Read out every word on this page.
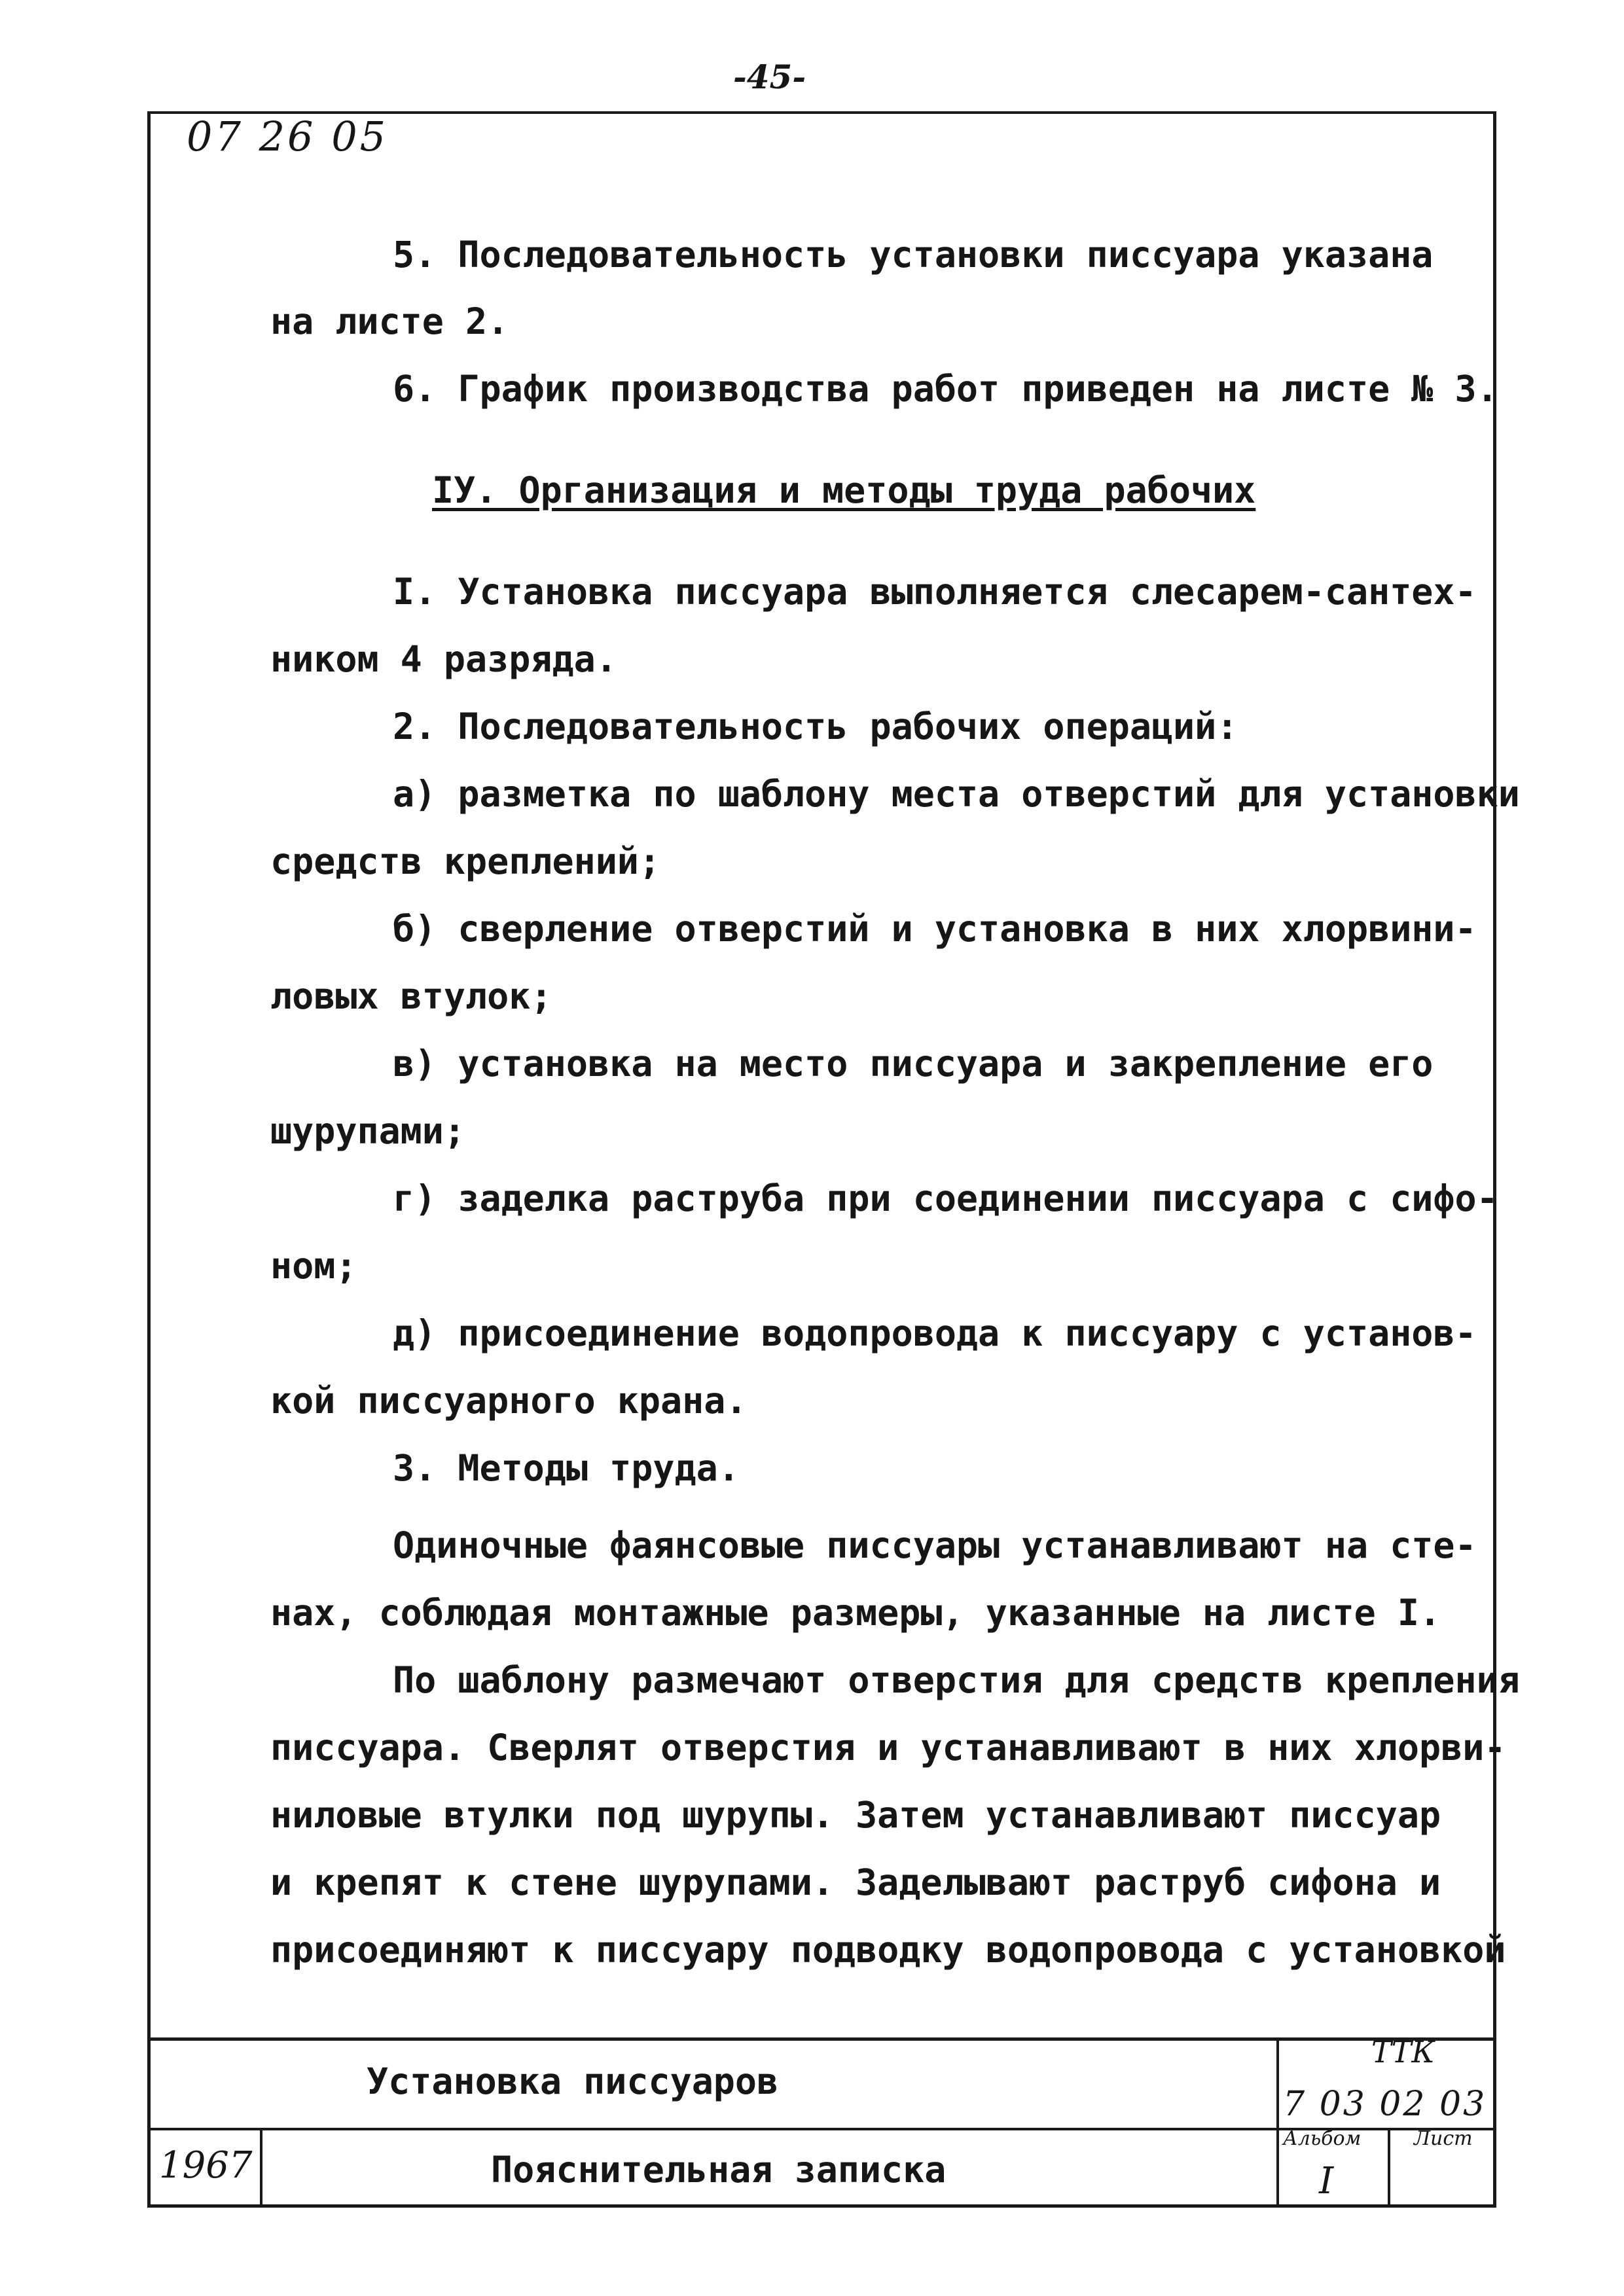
-45-
07 26 05
5. Последовательность установки писсуара указана
на листе 2.
6. График производства работ приведен на листе № 3.
IУ. Организация и методы труда рабочих
I. Установка писсуара выполняется слесарем-сантех-
ником 4 разряда.
2. Последовательность рабочих операций:
а) разметка по шаблону места отверстий для установки
средств креплений;
б) сверление отверстий и установка в них хлорвини-
ловых втулок;
в) установка на место писсуара и закрепление его
шурупами;
г) заделка раструба при соединении писсуара с сифо-
ном;
д) присоединение водопровода к писсуару с установ-
кой писсуарного крана.
3. Методы труда.
Одиночные фаянсовые писсуары устанавливают на сте-
нах, соблюдая монтажные размеры, указанные на листе I.
По шаблону размечают отверстия для средств крепления
писсуара. Сверлят отверстия и устанавливают в них хлорви-
ниловые втулки под шурупы. Затем устанавливают писсуар
и крепят к стене шурупами. Заделывают раструб сифона и
присоединяют к писсуару подводку водопровода с установкой
Установка писсуаров
Пояснительная записка
1967
ТТК
7 03 02 03
Альбом	Лист
I
